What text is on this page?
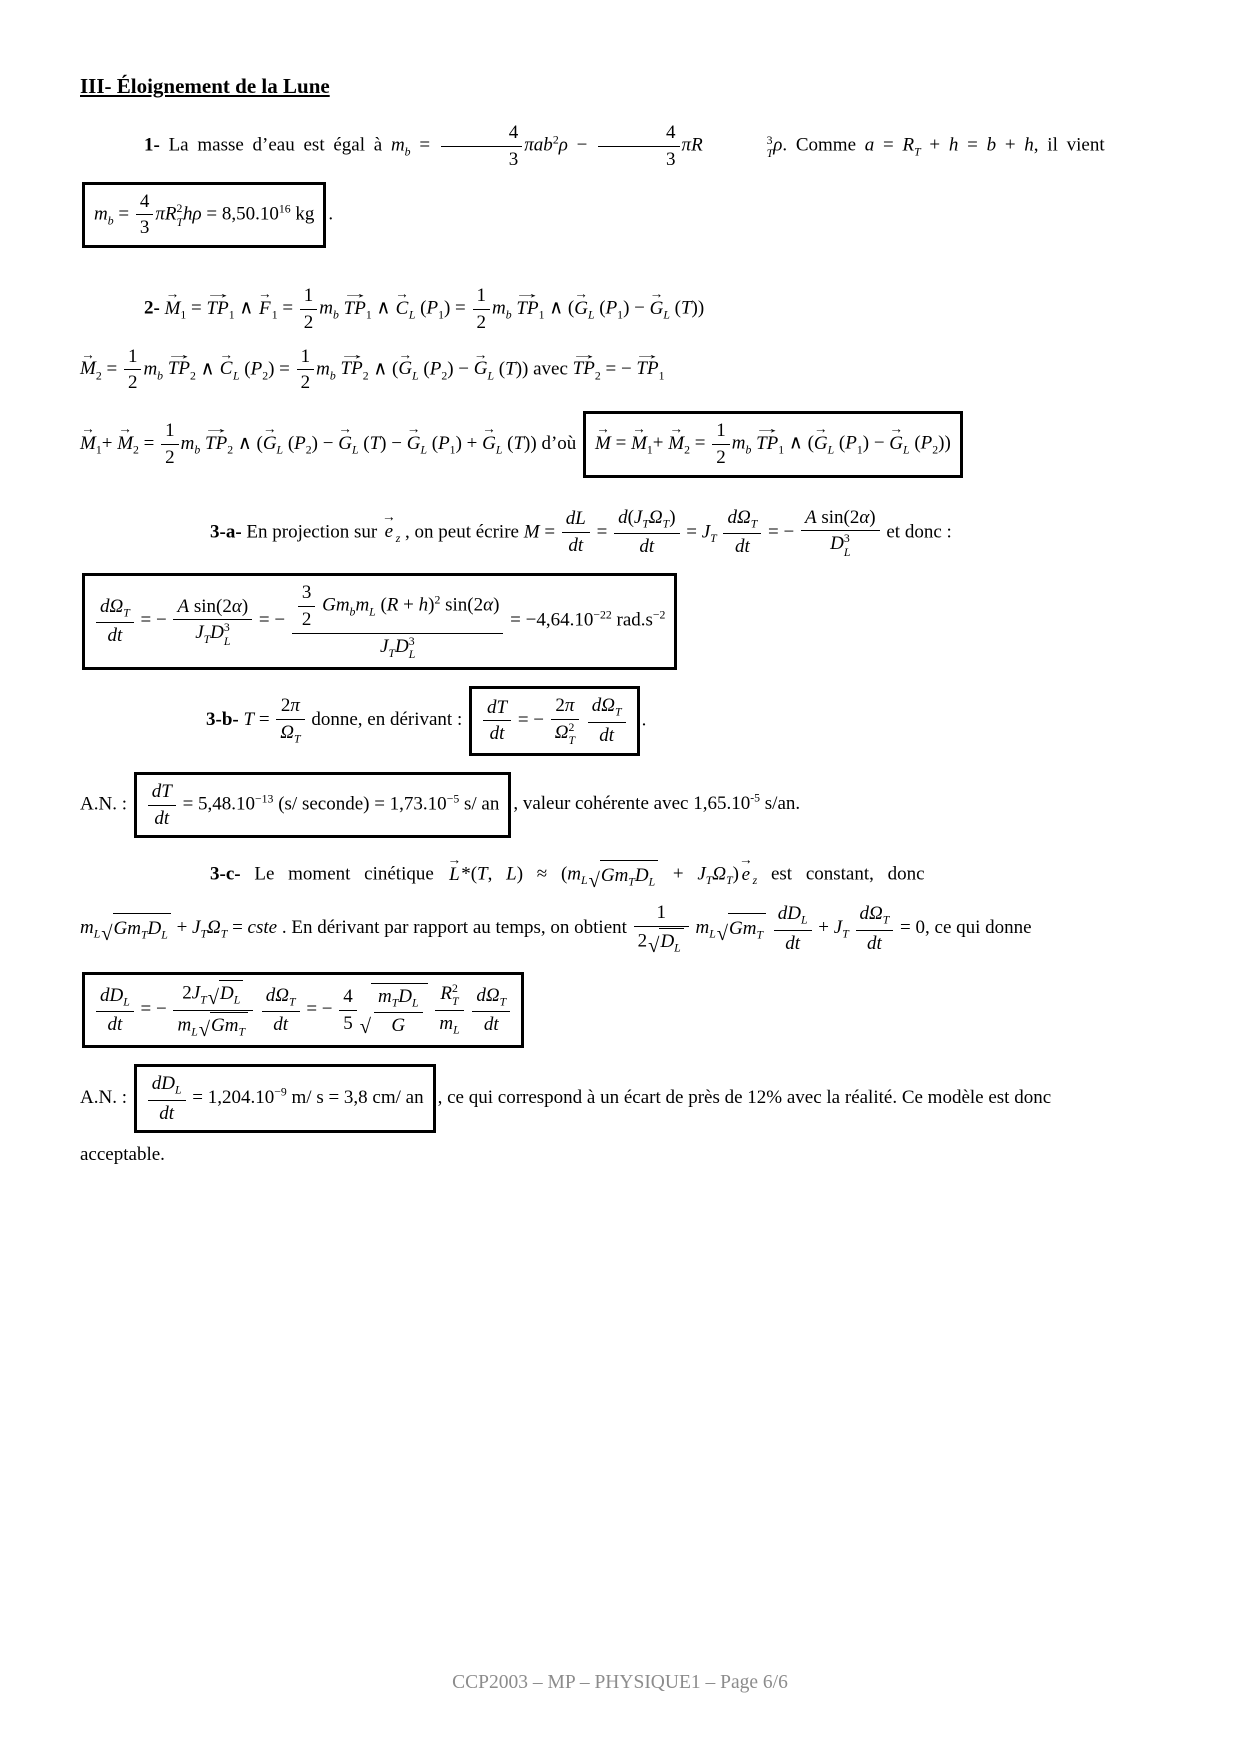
III- Éloignement de la Lune

1- La masse d’eau est égal à $m_b = \frac{4}{3} \pi ab^2\rho - \frac{4}{3}$ πR	3
T ρ. Comme $a = R_T + h = b + h$, il vient

$m_b = \frac{4}{3}$ πR 2
T $h\rho = 8,50.10^{16}$ kg .
2-
→
M $_1$ =
→
TP $_1$ ∧
→
F $_1 = \frac{1}{2} m_b$
→
TP $_1$ ∧
→
C $_L$ $(P_1) = \frac{1}{2} m_b$
→
TP $_1$ ∧ (
→
G $_L$ $(P_1)$ −
→
G $_L$ (T))
→
M $_2 = \frac{1}{2} m_b$
→
TP $_2$ ∧
→
C $_L$ $(P_2) = \frac{1}{2} m_b$
→
TP $_2$ ∧ (
→
G $_L$ $(P_2)$ −
→
G $_L$ (T)) avec
→
TP $_2$ = −
→
TP $_1$
→
M $_1$+
→
M $_2 = \frac{1}{2} m_b$
→
TP $_2$ ∧ (
→
G $_L$ $(P_2)$ −
→
G $_L$ (T) −
→
G $_L$ $(P_1)$ +
→
G $_L$ (T)) d’où
→
M =
→
M $_1$+
→
M $_2 = \frac{1}{2} m_b$
→
TP $_1$ ∧ (
→
G $_L$ $(P_1)$ −
→
G $_L$ $(P_2)$)
3-a- En projection sur
→
e $_z$ , on peut écrire $M = \frac{dL}{dt} = \frac{d(J_T\Omega_T)}{dt} = J_T \frac{d\Omega_T}{dt}$ = − A sin(2α)
D 3
L et donc :
$\frac{d\Omega_T}{dt}$ = − A sin(2α)
$J_TD$ 3
L = − $\frac{3}{2} Gm_bm_L$ $(R + h)^2$ sin(2α)
$J_TD$ 3
$L = -4,64.10^{-22}$ $rad.s^{-2}$
3-b- $T = \frac{2\pi}{\Omega_T}$ donne, en dérivant : $\frac{dT}{dt}$ = − 2π
Ω 2
T
$\frac{d\Omega_T}{dt}$ .
A.N. : $\frac{dT}{dt} = 5,48.10^{-13}$ (s/ seconde) = $1,73.10^{-5}$ s/ an , valeur cohérente avec $1,65.10^{-5}$ s/an.
3-c- Le moment cinétique
→
L *(T, $L) \approx (m_L$ √ $Gm_TD_L + J_T\Omega_T$)
→
e $_z$ est constant, donc
$m_L$ √ $Gm_TD_L + J_T\Omega_T$ = cste . En dérivant par rapport au temps, on obtient $\frac{1}{2 √ D_L} m_L$ √ $Gm_T$
$\frac{dD_L}{dt} + J_T \frac{d\Omega_T}{dt} = 0$, ce qui donne
$\frac{dD_L}{dt}$ = − $\frac{2J_T √ D_L}{m_L √ Gm_T}$
$\frac{d\Omega_T}{dt}$ = − $\frac{4}{5}$ √ $\frac{m_TD_L}{G}$
R 2
T
$m_L$
$\frac{d\Omega_T}{dt}$
A.N. : $\frac{dD_L}{dt} = 1,204.10^{-9}$ m/ s = 3,8 cm/ an , ce qui correspond à un écart de près de 12% avec la réalité. Ce modèle est donc
acceptable.
CCP2003 – MP – PHYSIQUE1 – Page 6/6
